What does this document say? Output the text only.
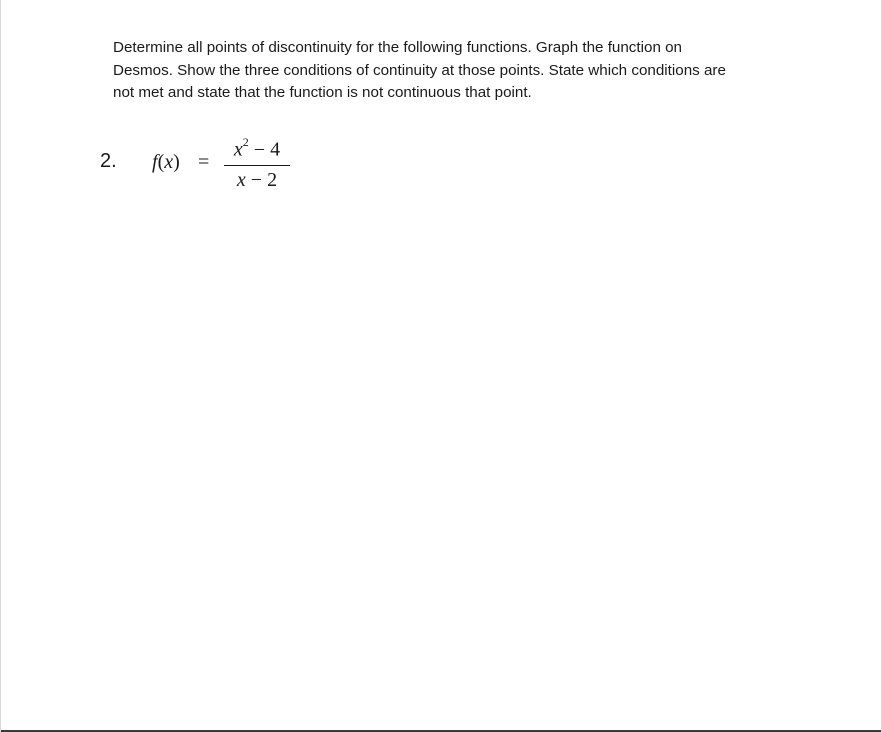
Determine all points of discontinuity for the following functions. Graph the function on
Desmos. Show the three conditions of continuity at those points. State which conditions are
not met and state that the function is not continuous that point.
2. f(x) =
$x^2 - 4$
x − 2
